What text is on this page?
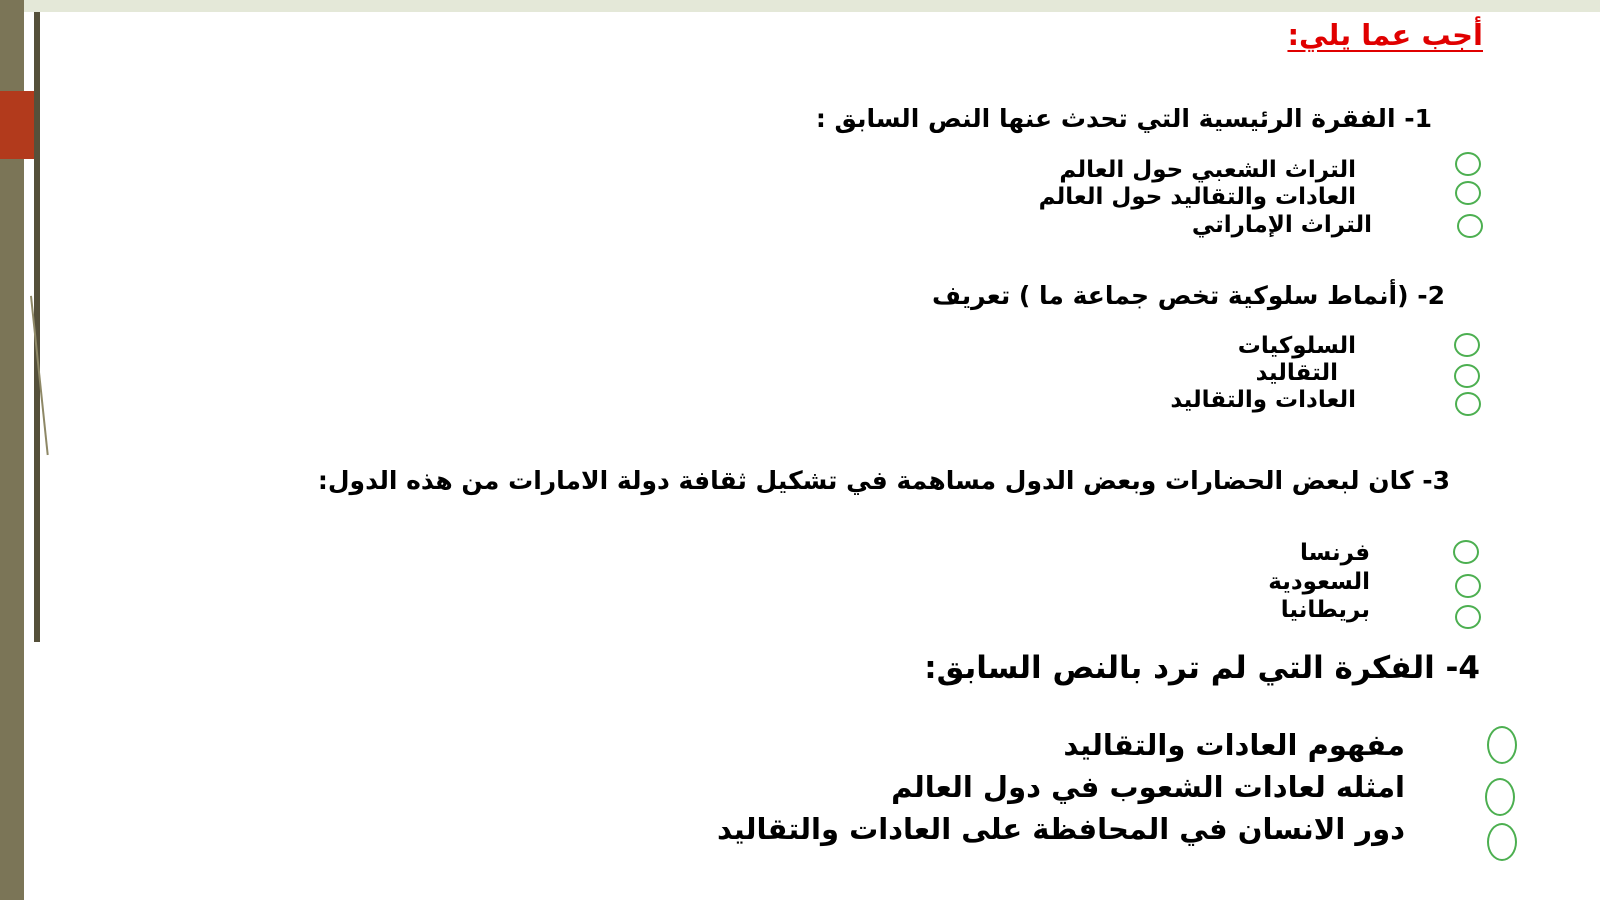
أجب عما يلي:
1- الفقرة الرئيسية التي تحدث عنها النص السابق :
التراث الشعبي حول العالم
العادات والتقاليد حول العالم
التراث الإماراتي
2- (أنماط سلوكية تخص جماعة ما ) تعريف
السلوكيات
التقاليد
العادات والتقاليد
3- كان لبعض الحضارات وبعض الدول مساهمة في تشكيل ثقافة دولة الامارات من هذه الدول:
فرنسا
السعودية
بريطانيا
4- الفكرة التي لم ترد بالنص السابق:
مفهوم العادات والتقاليد
امثله لعادات الشعوب في دول العالم
دور الانسان في المحافظة على العادات والتقاليد
